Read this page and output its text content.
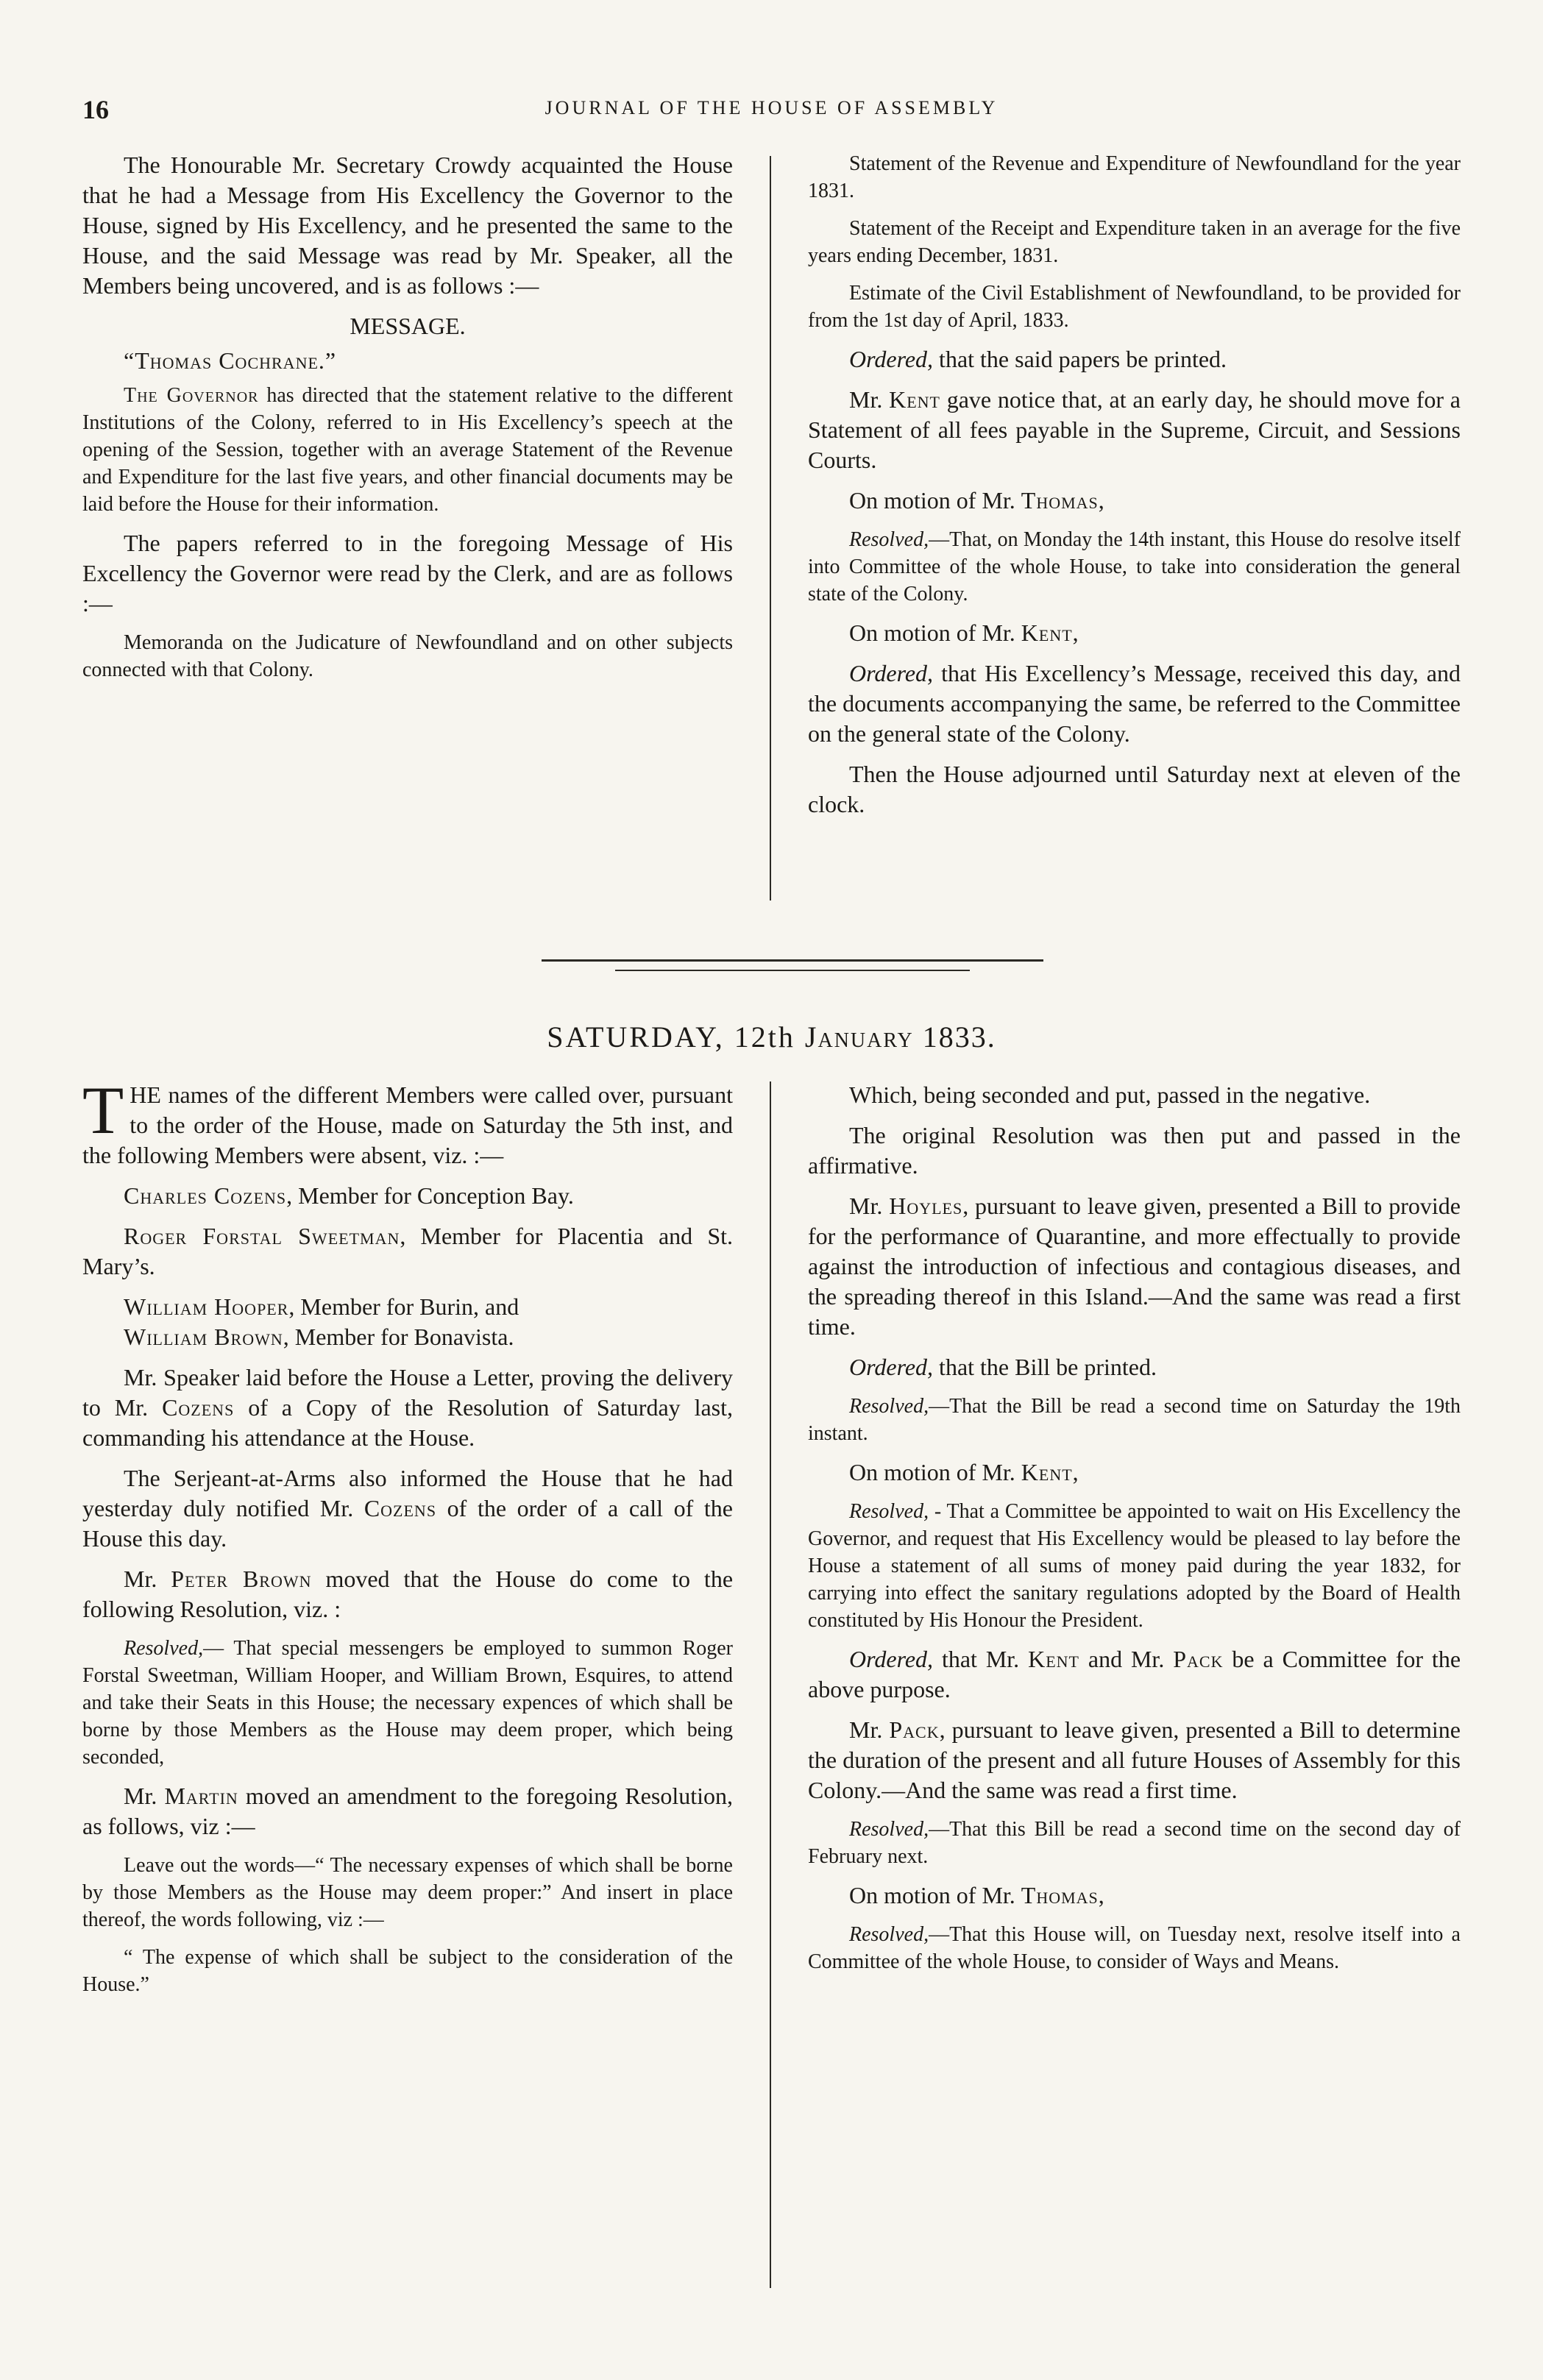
16	JOURNAL OF THE HOUSE OF ASSEMBLY

The Honourable Mr. Secretary Crowdy acquainted the House that he had a Message from His Excellency the Governor to the House, signed by His Excellency, and he presented the same to the House, and the said Message was read by Mr. Speaker, all the Members being uncovered, and is as follows :—

MESSAGE.

“Thomas Cochrane.”

The Governor has directed that the statement relative to the different Institutions of the Colony, referred to in His Excellency’s speech at the opening of the Session, together with an average Statement of the Revenue and Expenditure for the last five years, and other financial documents may be laid before the House for their information.

The papers referred to in the foregoing Message of His Excellency the Governor were read by the Clerk, and are as follows :—

Memoranda on the Judicature of Newfoundland and on other subjects connected with that Colony.

Statement of the Revenue and Expenditure of Newfoundland for the year 1831.

Statement of the Receipt and Expenditure taken in an average for the five years ending December, 1831.

Estimate of the Civil Establishment of Newfoundland, to be provided for from the 1st day of April, 1833.

Ordered, that the said papers be printed.

Mr. Kent gave notice that, at an early day, he should move for a Statement of all fees payable in the Supreme, Circuit, and Sessions Courts.

On motion of Mr. Thomas,

Resolved,—That, on Monday the 14th instant, this House do resolve itself into Committee of the whole House, to take into consideration the general state of the Colony.

On motion of Mr. Kent,

Ordered, that His Excellency’s Message, received this day, and the documents accompanying the same, be referred to the Committee on the general state of the Colony.

Then the House adjourned until Saturday next at eleven of the clock.

SATURDAY, 12th January 1833.

THE names of the different Members were called over, pursuant to the order of the House, made on Saturday the 5th inst, and the following Members were absent, viz. :—

Charles Cozens, Member for Conception Bay.

Roger Forstal Sweetman, Member for Placentia and St. Mary’s.

William Hooper, Member for Burin, and

William Brown, Member for Bonavista.

Mr. Speaker laid before the House a Letter, proving the delivery to Mr. Cozens of a Copy of the Resolution of Saturday last, commanding his attendance at the House.

The Serjeant-at-Arms also informed the House that he had yesterday duly notified Mr. Cozens of the order of a call of the House this day.

Mr. Peter Brown moved that the House do come to the following Resolution, viz. :

Resolved,— That special messengers be employed to summon Roger Forstal Sweetman, William Hooper, and William Brown, Esquires, to attend and take their Seats in this House; the necessary expences of which shall be borne by those Members as the House may deem proper, which being seconded,

Mr. Martin moved an amendment to the foregoing Resolution, as follows, viz :—

Leave out the words—“ The necessary expenses of which shall be borne by those Members as the House may deem proper:” And insert in place thereof, the words following, viz :—

“ The expense of which shall be subject to the consideration of the House.”

Which, being seconded and put, passed in the negative.

The original Resolution was then put and passed in the affirmative.

Mr. Hoyles, pursuant to leave given, presented a Bill to provide for the performance of Quarantine, and more effectually to provide against the introduction of infectious and contagious diseases, and the spreading thereof in this Island.—And the same was read a first time.

Ordered, that the Bill be printed.

Resolved,—That the Bill be read a second time on Saturday the 19th instant.

On motion of Mr. Kent,

Resolved, - That a Committee be appointed to wait on His Excellency the Governor, and request that His Excellency would be pleased to lay before the House a statement of all sums of money paid during the year 1832, for carrying into effect the sanitary regulations adopted by the Board of Health constituted by His Honour the President.

Ordered, that Mr. Kent and Mr. Pack be a Committee for the above purpose.

Mr. Pack, pursuant to leave given, presented a Bill to determine the duration of the present and all future Houses of Assembly for this Colony.—And the same was read a first time.

Resolved,—That this Bill be read a second time on the second day of February next.

On motion of Mr. Thomas,

Resolved,—That this House will, on Tuesday next, resolve itself into a Committee of the whole House, to consider of Ways and Means.
